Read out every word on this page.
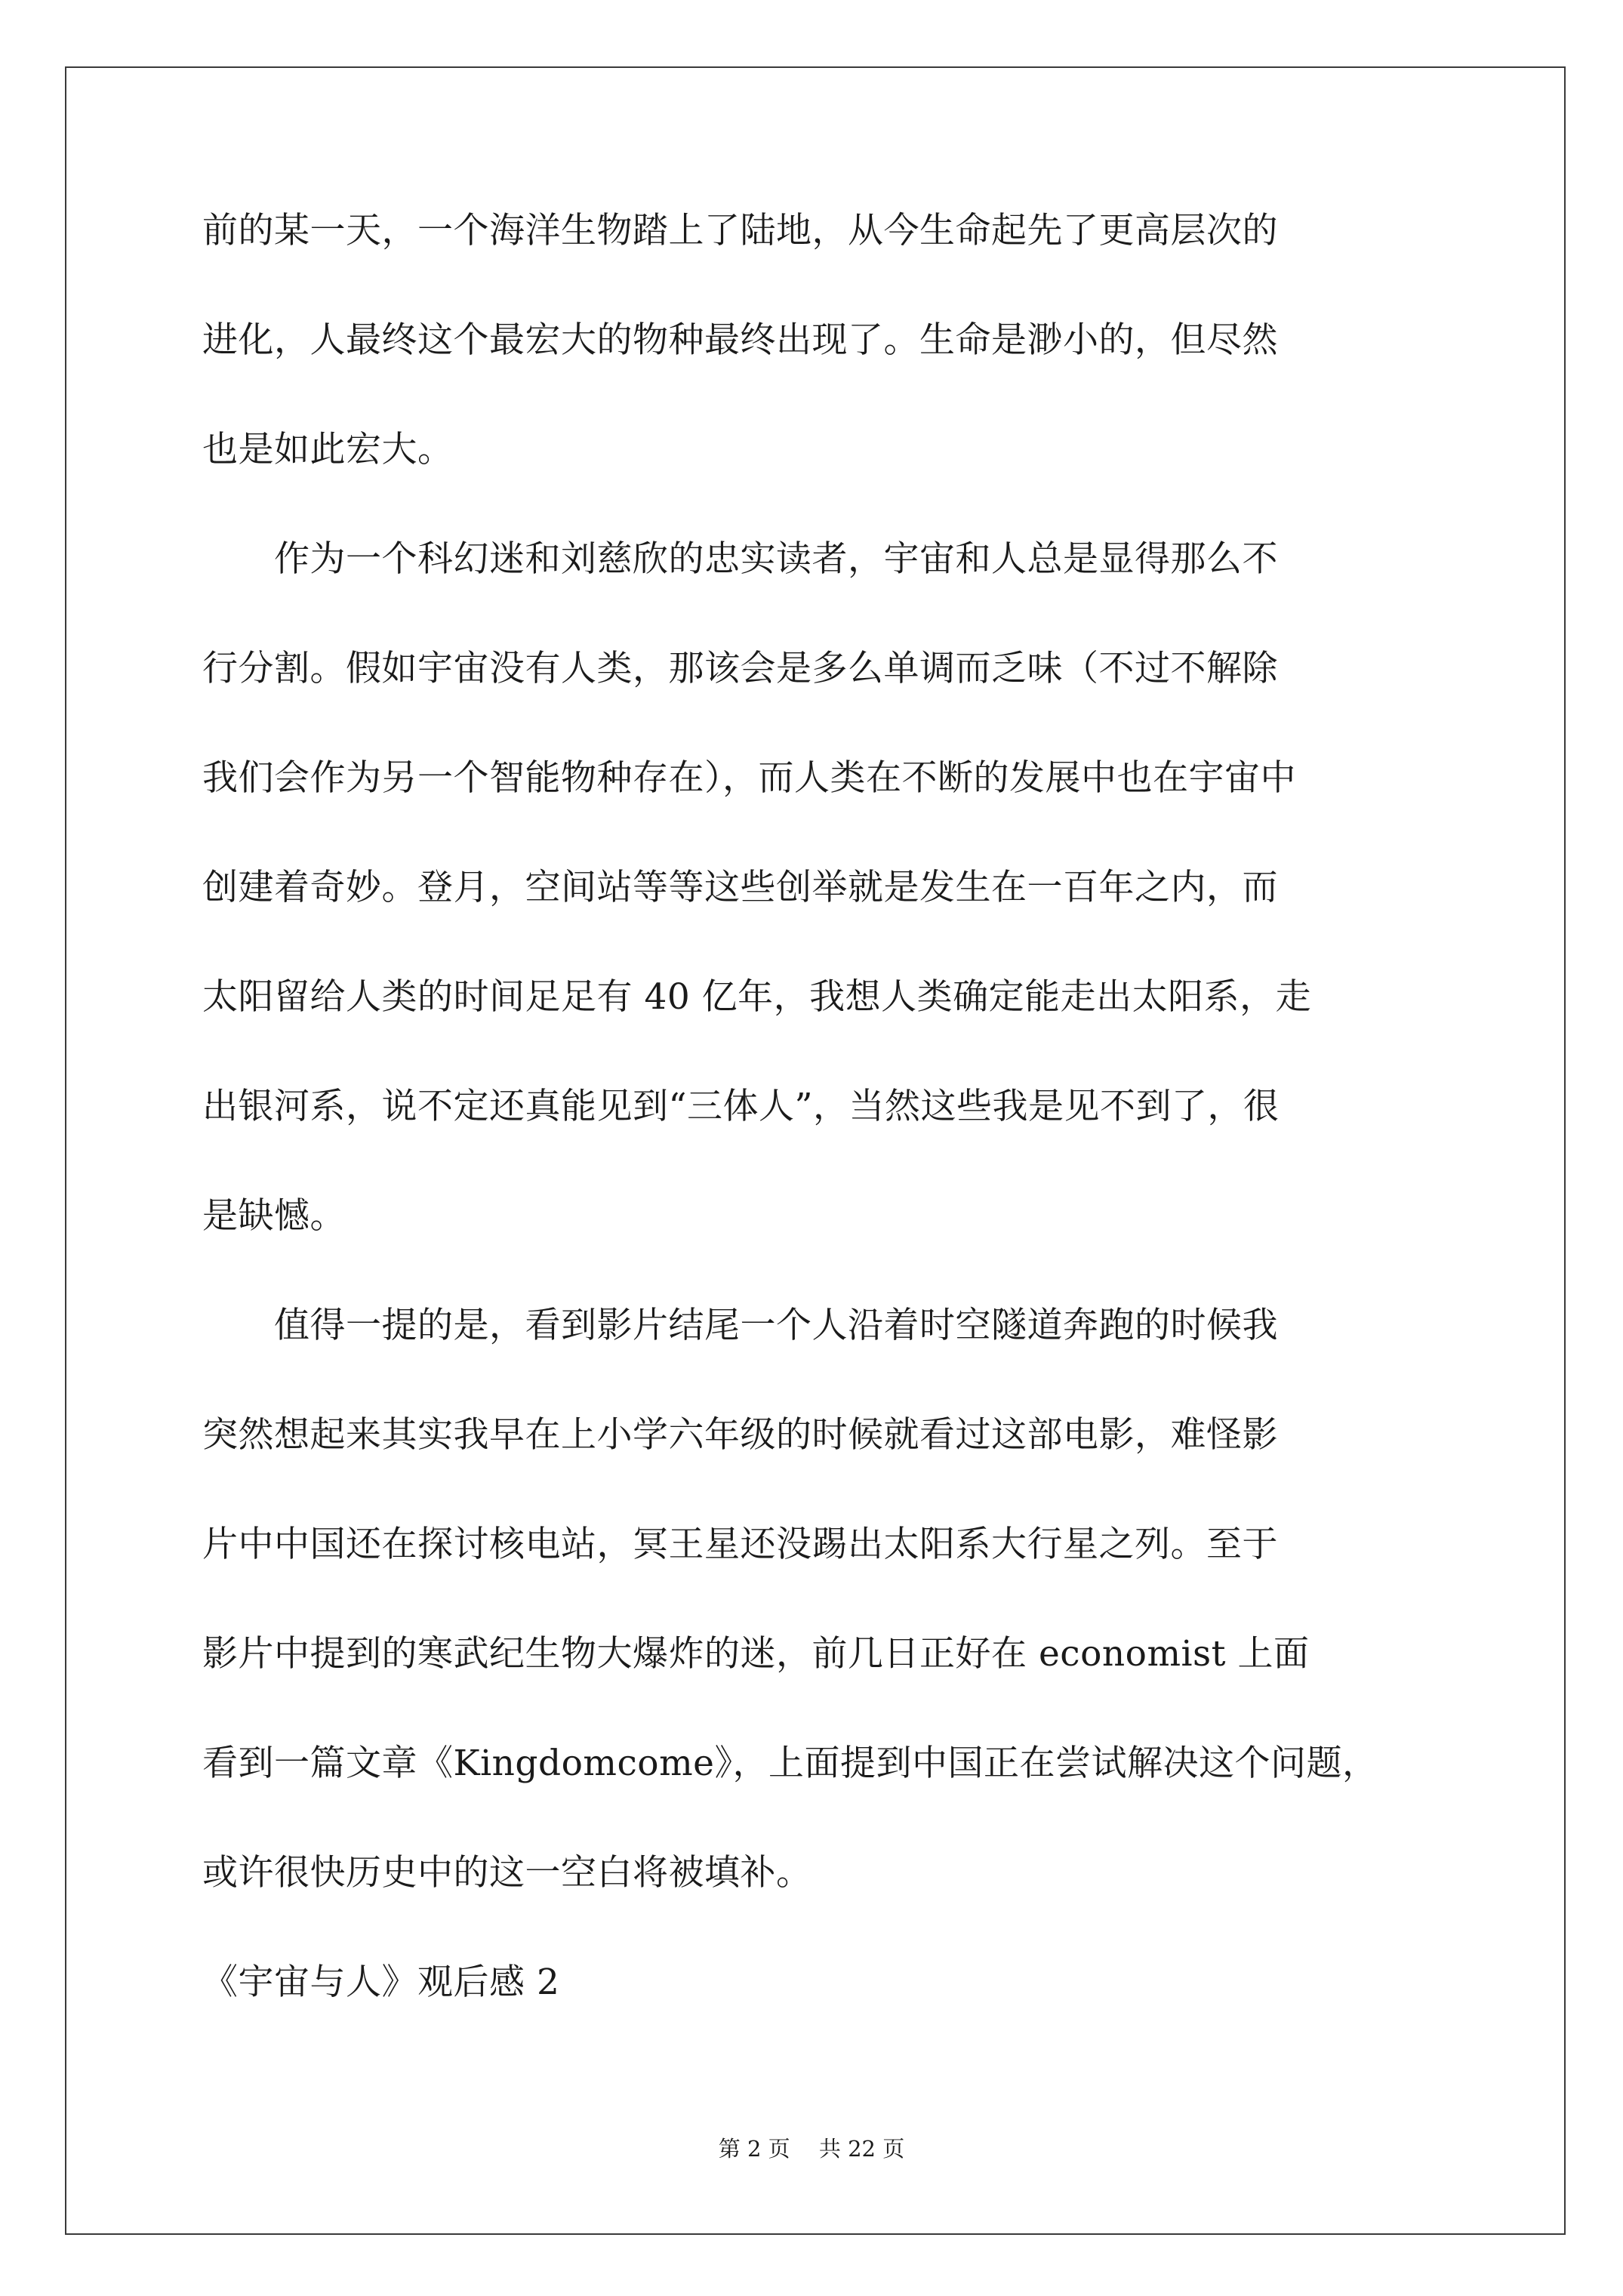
前的某一天，一个海洋生物踏上了陆地，从今生命起先了更高层次的

进化，人最终这个最宏大的物种最终出现了。生命是渺小的，但尽然

也是如此宏大。

　　作为一个科幻迷和刘慈欣的忠实读者，宇宙和人总是显得那么不

行分割。假如宇宙没有人类，那该会是多么单调而乏味（不过不解除

我们会作为另一个智能物种存在），而人类在不断的发展中也在宇宙中

创建着奇妙。登月，空间站等等这些创举就是发生在一百年之内，而

太阳留给人类的时间足足有 40 亿年，我想人类确定能走出太阳系，走

出银河系，说不定还真能见到“三体人”，当然这些我是见不到了，很

是缺憾。

　　值得一提的是，看到影片结尾一个人沿着时空隧道奔跑的时候我

突然想起来其实我早在上小学六年级的时候就看过这部电影，难怪影

片中中国还在探讨核电站，冥王星还没踢出太阳系大行星之列。至于

影片中提到的寒武纪生物大爆炸的迷，前几日正好在 economist 上面

看到一篇文章《Kingdomcome》，上面提到中国正在尝试解决这个问题，

或许很快历史中的这一空白将被填补。

《宇宙与人》观后感 2

第 2 页　 共 22 页
